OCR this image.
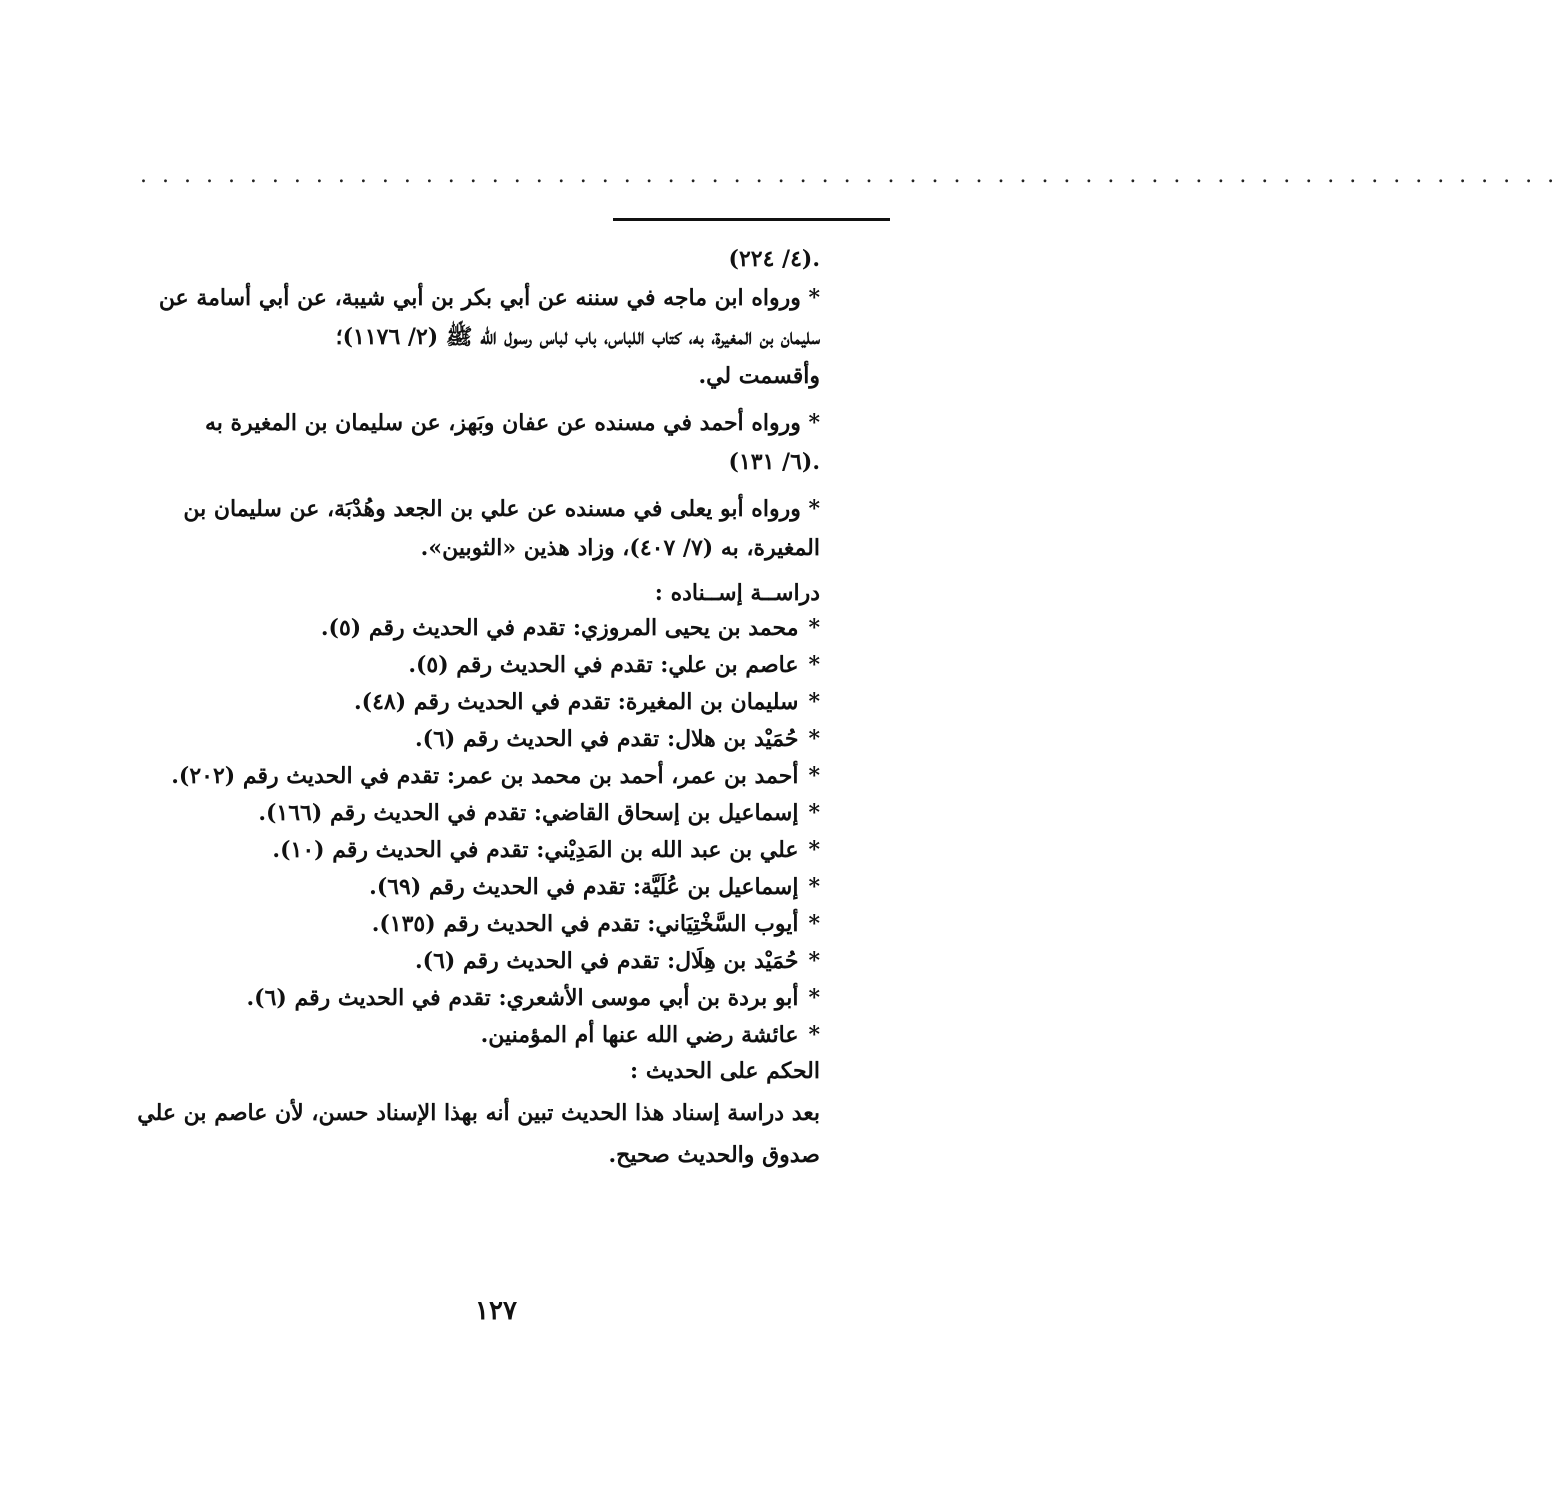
. . . . . . . . . . . . . . . . . . . . . . . . . . . . . . . . . . . . . . . . . . . . . . . . . . . . . . . . . . . . . . . . .
.(٤/ ٢٢٤)
* ورواه ابن ماجه في سننه عن أبي بكر بن أبي شيبة، عن أبي أسامة عن
سليمان بن المغيرة، به، كتاب اللباس، باب لباس رسول الله ﷺ (٢/ ١١٧٦)؛
وأقسمت لي.
* ورواه أحمد في مسنده عن عفان وبَهز، عن سليمان بن المغيرة به
.(٦/ ١٣١)
* ورواه أبو يعلى في مسنده عن علي بن الجعد وهُدْبَة، عن سليمان بن
المغيرة، به (٧/ ٤٠٧)، وزاد هذين «الثوبين».
دراســة إســناده :
*محمد بن يحيى المروزي: تقدم في الحديث رقم (٥).
*عاصم بن علي: تقدم في الحديث رقم (٥).
*سليمان بن المغيرة: تقدم في الحديث رقم (٤٨).
*حُمَيْد بن هلال: تقدم في الحديث رقم (٦).
*أحمد بن عمر، أحمد بن محمد بن عمر: تقدم في الحديث رقم (٢٠٢).
*إسماعيل بن إسحاق القاضي: تقدم في الحديث رقم (١٦٦).
*علي بن عبد الله بن المَدِيْني: تقدم في الحديث رقم (١٠).
*إسماعيل بن عُلَيَّة: تقدم في الحديث رقم (٦٩).
*أيوب السَّخْتِيَاني: تقدم في الحديث رقم (١٣٥).
*حُمَيْد بن هِلَال: تقدم في الحديث رقم (٦).
*أبو بردة بن أبي موسى الأشعري: تقدم في الحديث رقم (٦).
*عائشة رضي الله عنها أم المؤمنين.
الحكم على الحديث :
بعد دراسة إسناد هذا الحديث تبين أنه بهذا الإسناد حسن، لأن عاصم بن علي
صدوق والحديث صحيح.
١٢٧
